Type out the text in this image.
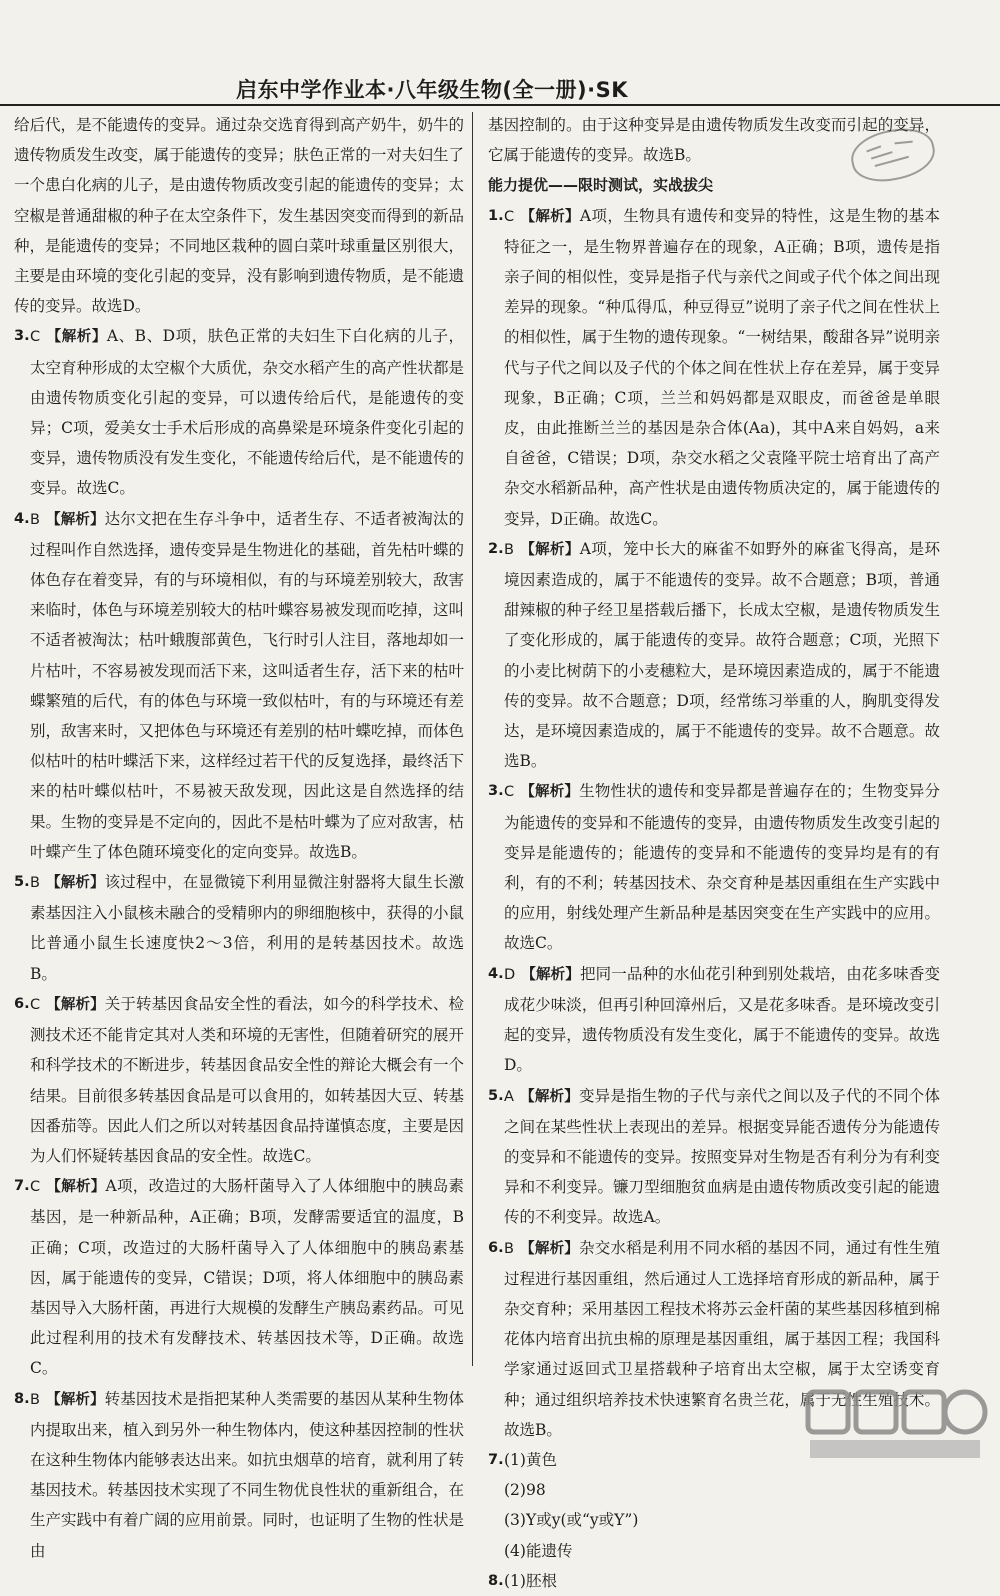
启东中学作业本·八年级生物(全一册)·SK

给后代，是不能遗传的变异。通过杂交选育得到高产奶牛，奶牛的遗传物质发生改变，属于能遗传的变异；肤色正常的一对夫妇生了一个患白化病的儿子，是由遗传物质改变引起的能遗传的变异；太空椒是普通甜椒的种子在太空条件下，发生基因突变而得到的新品种，是能遗传的变异；不同地区栽种的圆白菜叶球重量区别很大，主要是由环境的变化引起的变异，没有影响到遗传物质，是不能遗传的变异。故选D。

3. C 【解析】A、B、D项，肤色正常的夫妇生下白化病的儿子，太空育种形成的太空椒个大质优，杂交水稻产生的高产性状都是由遗传物质变化引起的变异，可以遗传给后代，是能遗传的变异；C项，爱美女士手术后形成的高鼻梁是环境条件变化引起的变异，遗传物质没有发生变化，不能遗传给后代，是不能遗传的变异。故选C。
4. B 【解析】达尔文把在生存斗争中，适者生存、不适者被淘汰的过程叫作自然选择，遗传变异是生物进化的基础，首先枯叶蝶的体色存在着变异，有的与环境相似，有的与环境差别较大，敌害来临时，体色与环境差别较大的枯叶蝶容易被发现而吃掉，这叫不适者被淘汰；枯叶蛾腹部黄色，飞行时引人注目，落地却如一片枯叶，不容易被发现而活下来，这叫适者生存，活下来的枯叶蝶繁殖的后代，有的体色与环境一致似枯叶，有的与环境还有差别，敌害来时，又把体色与环境还有差别的枯叶蝶吃掉，而体色似枯叶的枯叶蝶活下来，这样经过若干代的反复选择，最终活下来的枯叶蝶似枯叶，不易被天敌发现，因此这是自然选择的结果。生物的变异是不定向的，因此不是枯叶蝶为了应对敌害，枯叶蝶产生了体色随环境变化的定向变异。故选B。
5. B 【解析】该过程中，在显微镜下利用显微注射器将大鼠生长激素基因注入小鼠核未融合的受精卵内的卵细胞核中，获得的小鼠比普通小鼠生长速度快2～3倍，利用的是转基因技术。故选B。
6. C 【解析】关于转基因食品安全性的看法，如今的科学技术、检测技术还不能肯定其对人类和环境的无害性，但随着研究的展开和科学技术的不断进步，转基因食品安全性的辩论大概会有一个结果。目前很多转基因食品是可以食用的，如转基因大豆、转基因番茄等。因此人们之所以对转基因食品持谨慎态度，主要是因为人们怀疑转基因食品的安全性。故选C。
7. C 【解析】A项，改造过的大肠杆菌导入了人体细胞中的胰岛素基因，是一种新品种，A正确；B项，发酵需要适宜的温度，B正确；C项，改造过的大肠杆菌导入了人体细胞中的胰岛素基因，属于能遗传的变异，C错误；D项，将人体细胞中的胰岛素基因导入大肠杆菌，再进行大规模的发酵生产胰岛素药品。可见此过程利用的技术有发酵技术、转基因技术等，D正确。故选C。
8. B 【解析】转基因技术是指把某种人类需要的基因从某种生物体内提取出来，植入到另外一种生物体内，使这种基因控制的性状在这种生物体内能够表达出来。如抗虫烟草的培育，就利用了转基因技术。转基因技术实现了不同生物优良性状的重新组合，在生产实践中有着广阔的应用前景。同时，也证明了生物的性状是由

基因控制的。由于这种变异是由遗传物质发生改变而引起的变异，它属于能遗传的变异。故选B。

能力提优——限时测试，实战拔尖

1. C 【解析】A项，生物具有遗传和变异的特性，这是生物的基本特征之一，是生物界普遍存在的现象，A正确；B项，遗传是指亲子间的相似性，变异是指子代与亲代之间或子代个体之间出现差异的现象。“种瓜得瓜，种豆得豆”说明了亲子代之间在性状上的相似性，属于生物的遗传现象。“一树结果，酸甜各异”说明亲代与子代之间以及子代的个体之间在性状上存在差异，属于变异现象，B正确；C项，兰兰和妈妈都是双眼皮，而爸爸是单眼皮，由此推断兰兰的基因是杂合体(Aa)，其中A来自妈妈，a来自爸爸，C错误；D项，杂交水稻之父袁隆平院士培育出了高产杂交水稻新品种，高产性状是由遗传物质决定的，属于能遗传的变异，D正确。故选C。
2. B 【解析】A项，笼中长大的麻雀不如野外的麻雀飞得高，是环境因素造成的，属于不能遗传的变异。故不合题意；B项，普通甜辣椒的种子经卫星搭载后播下，长成太空椒，是遗传物质发生了变化形成的，属于能遗传的变异。故符合题意；C项，光照下的小麦比树荫下的小麦穗粒大，是环境因素造成的，属于不能遗传的变异。故不合题意；D项，经常练习举重的人，胸肌变得发达，是环境因素造成的，属于不能遗传的变异。故不合题意。故选B。
3. C 【解析】生物性状的遗传和变异都是普遍存在的；生物变异分为能遗传的变异和不能遗传的变异，由遗传物质发生改变引起的变异是能遗传的；能遗传的变异和不能遗传的变异均是有的有利，有的不利；转基因技术、杂交育种是基因重组在生产实践中的应用，射线处理产生新品种是基因突变在生产实践中的应用。故选C。
4. D 【解析】把同一品种的水仙花引种到别处栽培，由花多味香变成花少味淡，但再引种回漳州后，又是花多味香。是环境改变引起的变异，遗传物质没有发生变化，属于不能遗传的变异。故选D。
5. A 【解析】变异是指生物的子代与亲代之间以及子代的不同个体之间在某些性状上表现出的差异。根据变异能否遗传分为能遗传的变异和不能遗传的变异。按照变异对生物是否有利分为有利变异和不利变异。镰刀型细胞贫血病是由遗传物质改变引起的能遗传的不利变异。故选A。
6. B 【解析】杂交水稻是利用不同水稻的基因不同，通过有性生殖过程进行基因重组，然后通过人工选择培育形成的新品种，属于杂交育种；采用基因工程技术将苏云金杆菌的某些基因移植到棉花体内培育出抗虫棉的原理是基因重组，属于基因工程；我国科学家通过返回式卫星搭载种子培育出太空椒，属于太空诱变育种；通过组织培养技术快速繁育名贵兰花，属于无性生殖技术。故选B。
7. (1)黄色
(2)98
(3)Y或y(或“y或Y”)
(4)能遗传
8. (1)胚根
